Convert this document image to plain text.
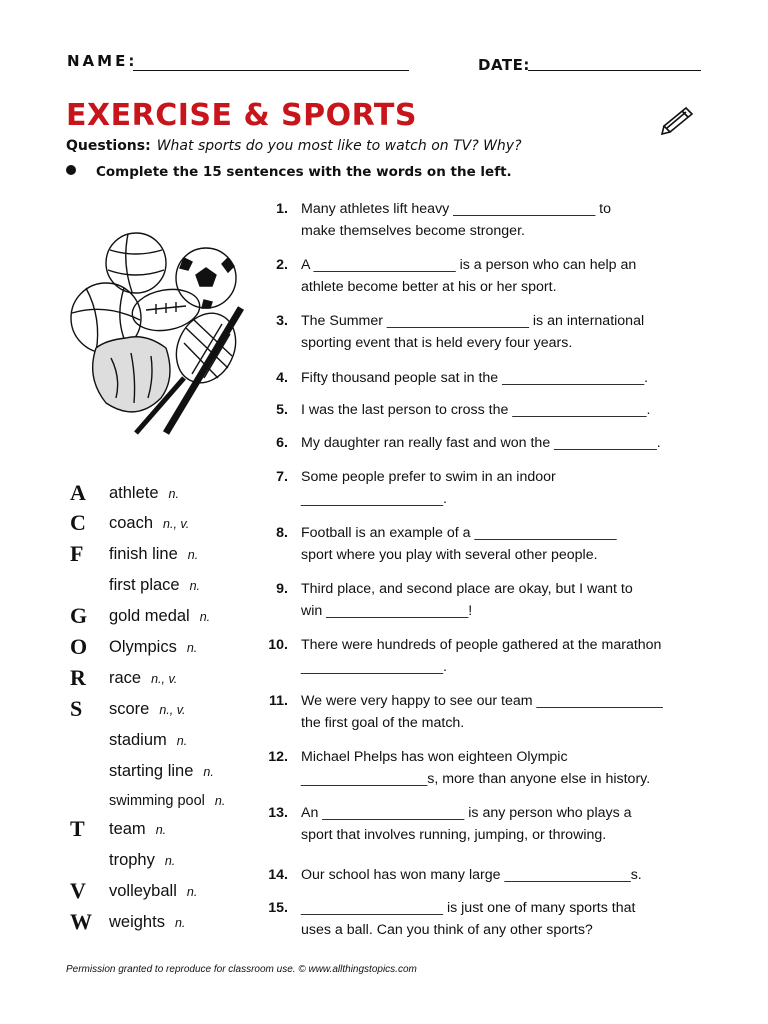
NAME:	DATE:
EXERCISE & SPORTS
Questions: What sports do you most like to watch on TV? Why?
Complete the 15 sentences with the words on the left.
A athlete n.
C coach n., v.
F finish line n.
first place n.
G gold medal n.
O Olympics n.
R race n., v.
S score n., v.
stadium n.
starting line n.
swimming pool n.
T team n.
trophy n.
V volleyball n.
W weights n.
1. Many athletes lift heavy __________________ to
make themselves become stronger.
2. A __________________ is a person who can help an
athlete become better at his or her sport.
3. The Summer __________________ is an international
sporting event that is held every four years.
4. Fifty thousand people sat in the __________________.
5. I was the last person to cross the _________________.
6. My daughter ran really fast and won the _____________.
7. Some people prefer to swim in an indoor
__________________.
8. Football is an example of a __________________
sport where you play with several other people.
9. Third place, and second place are okay, but I want to
win __________________!
10. There were hundreds of people gathered at the marathon
__________________.
11. We were very happy to see our team ________________
the first goal of the match.
12. Michael Phelps has won eighteen Olympic
________________s, more than anyone else in history.
13. An __________________ is any person who plays a
sport that involves running, jumping, or throwing.
14. Our school has won many large ________________s.
15. __________________ is just one of many sports that
uses a ball. Can you think of any other sports?
Permission granted to reproduce for classroom use. © www.allthingstopics.com
